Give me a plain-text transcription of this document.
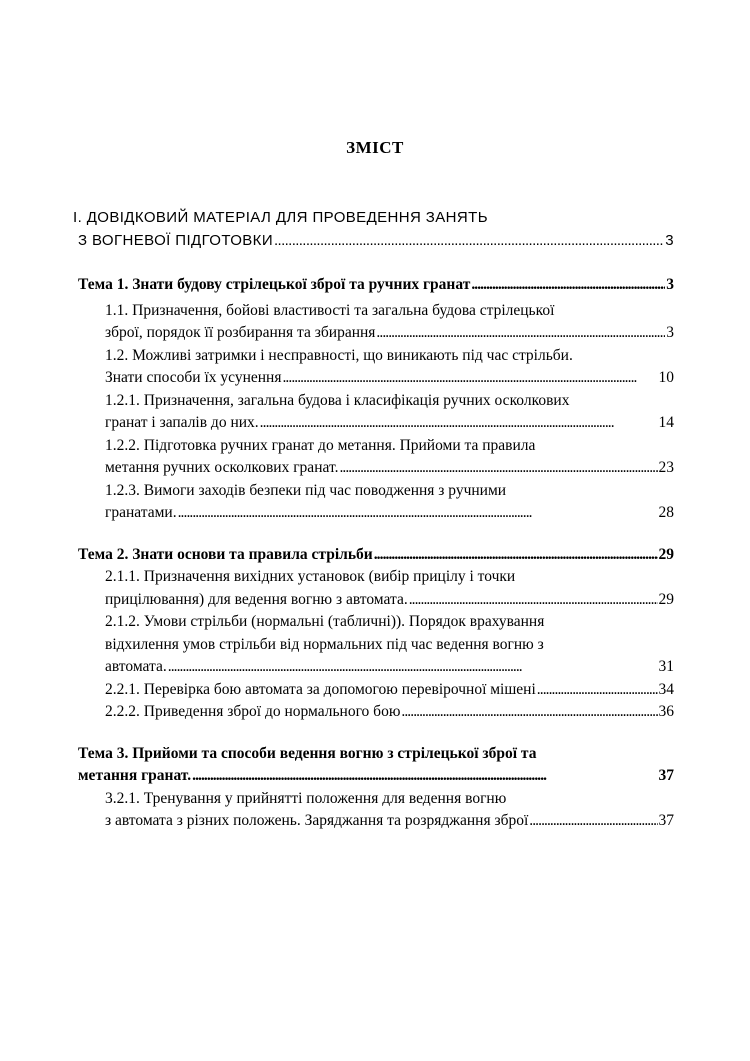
ЗМІСТ
І. ДОВІДКОВИЙ МАТЕРІАЛ ДЛЯ ПРОВЕДЕННЯ ЗАНЯТЬ
З ВОГНЕВОЇ ПІДГОТОВКИ . . .	3
Тема 1. Знати будову стрілецької зброї та ручних гранат . . .	3
1.1. Призначення, бойові властивості та загальна будова стрілецької
зброї, порядок її розбирання та збирання . . .	3
1.2. Можливі затримки і несправності, що виникають під час стрільби.
Знати способи їх усунення . . .	10
1.2.1. Призначення, загальна будова і класифікація ручних осколкових
гранат і запалів до них. . . .	14
1.2.2. Підготовка ручних гранат до метання. Прийоми та правила
метання ручних осколкових гранат. . . .	23
1.2.3. Вимоги заходів безпеки під час поводження з ручними
гранатами. . . .	28
Тема 2. Знати основи та правила стрільби . . .	29
2.1.1. Призначення вихідних установок (вибір прицілу і точки
прицілювання) для ведення вогню з автомата. . . .	29
2.1.2. Умови стрільби (нормальні (табличні)). Порядок врахування
відхилення умов стрільби від нормальних під час ведення вогню з
автомата. . . .	31
2.2.1. Перевірка бою автомата за допомогою перевірочної мішені . . .	34
2.2.2. Приведення зброї до нормального бою . . .	36
Тема 3. Прийоми та способи ведення вогню з стрілецької зброї та
метання гранат. . . .	37
3.2.1. Тренування у прийнятті положення для ведення вогню
з автомата з різних положень. Заряджання та розряджання зброї . . .	37
